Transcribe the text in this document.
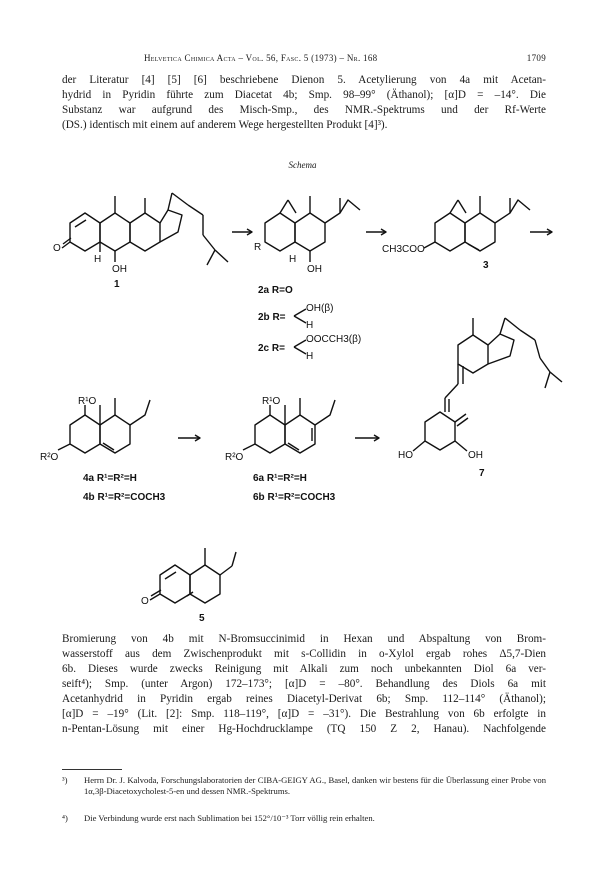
Helvetica Chimica Acta – Vol. 56, Fasc. 5 (1973) – Nr. 168	1709
der Literatur [4] [5] [6] beschriebene Dienon 5. Acetylierung von 4a mit Acetan-
hydrid in Pyridin führte zum Diacetat 4b; Smp. 98–99° (Äthanol); [α]D = –14°. Die
Substanz war aufgrund des Misch-Smp., des NMR.-Spektrums und der Rf-Werte
(DS.) identisch mit einem auf anderem Wege hergestellten Produkt [4]³).
Schema
O
H
OH
1
R
H
OH
2a R=O
2b R=
OH(β)
H
2c R=
OOCCH3(β)
H
CH3COO
3
R¹O
R²O
4a R¹=R²=H
4b R¹=R²=COCH3
R¹O
R²O
6a R¹=R²=H
6b R¹=R²=COCH3
HO	OH
7
O
5
Bromierung von 4b mit N-Bromsuccinimid in Hexan und Abspaltung von Brom-
wasserstoff aus dem Zwischenprodukt mit s-Collidin in o-Xylol ergab rohes Δ5,7-Dien
6b. Dieses wurde zwecks Reinigung mit Alkali zum noch unbekannten Diol 6a ver-
seift⁴); Smp. (unter Argon) 172–173°; [α]D = –80°. Behandlung des Diols 6a mit
Acetanhydrid in Pyridin ergab reines Diacetyl-Derivat 6b; Smp. 112–114° (Äthanol);
[α]D = –19° (Lit. [2]: Smp. 118–119°, [α]D = –31°). Die Bestrahlung von 6b erfolgte in
n-Pentan-Lösung mit einer Hg-Hochdrucklampe (TQ 150 Z 2, Hanau). Nachfolgende
³) Herrn Dr. J. Kalvoda, Forschungslaboratorien der CIBA-GEIGY AG., Basel, danken wir bestens für die Überlassung einer Probe von 1α,3β-Diacetoxycholest-5-en und dessen NMR.-Spektrums.
⁴) Die Verbindung wurde erst nach Sublimation bei 152°/10⁻³ Torr völlig rein erhalten.
